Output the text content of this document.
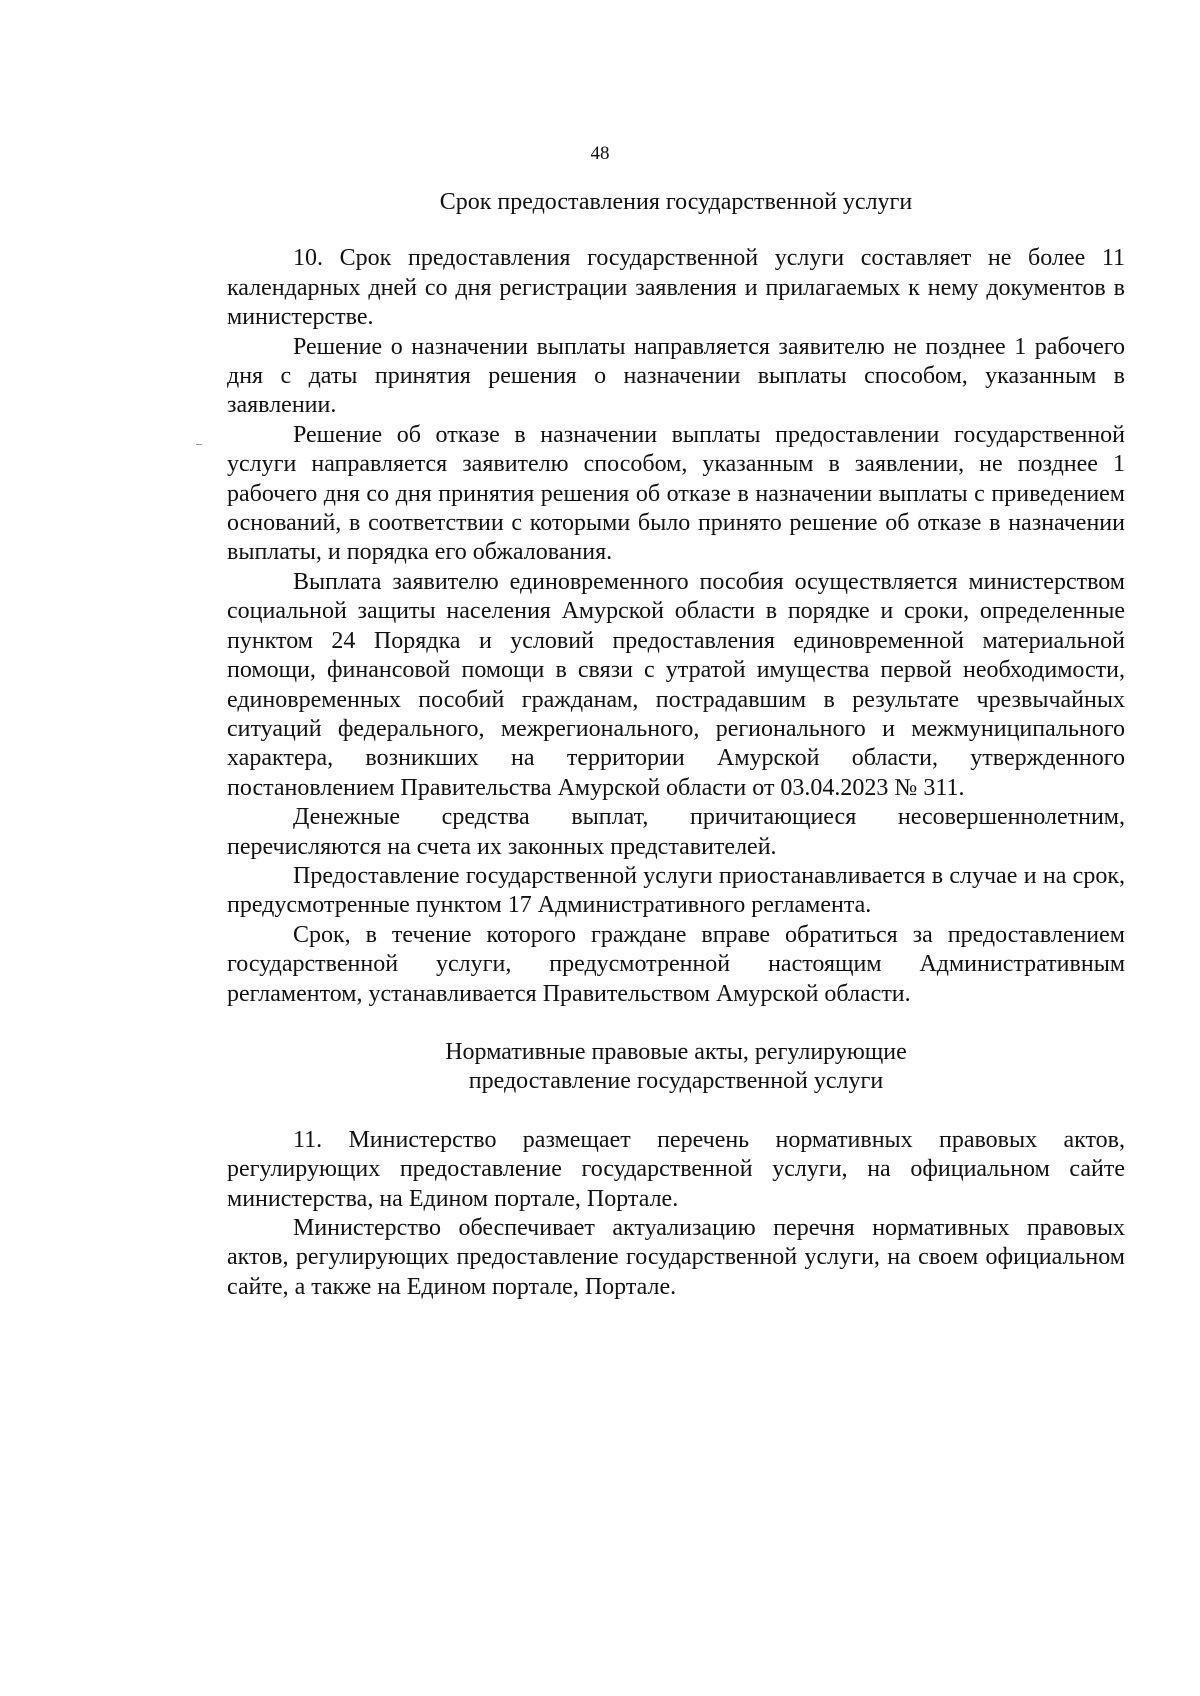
48

Срок предоставления государственной услуги

10. Срок предоставления государственной услуги составляет не более 11 календарных дней со дня регистрации заявления и прилагаемых к нему документов в министерстве.

Решение о назначении выплаты направляется заявителю не позднее 1 рабочего дня с даты принятия решения о назначении выплаты способом, указанным в заявлении.

Решение об отказе в назначении выплаты предоставлении государственной услуги направляется заявителю способом, указанным в заявлении, не позднее 1 рабочего дня со дня принятия решения об отказе в назначении выплаты с приведением оснований, в соответствии с которыми было принято решение об отказе в назначении выплаты, и порядка его обжалования.

Выплата заявителю единовременного пособия осуществляется министерством социальной защиты населения Амурской области в порядке и сроки, определенные пунктом 24 Порядка и условий предоставления единовременной материальной помощи, финансовой помощи в связи с утратой имущества первой необходимости, единовременных пособий гражданам, пострадавшим в результате чрезвычайных ситуаций федерального, межрегионального, регионального и межмуниципального характера, возникших на территории Амурской области, утвержденного постановлением Правительства Амурской области от 03.04.2023 № 311.

Денежные средства выплат, причитающиеся несовершеннолетним, перечисляются на счета их законных представителей.

Предоставление государственной услуги приостанавливается в случае и на срок, предусмотренные пунктом 17 Административного регламента.

Срок, в течение которого граждане вправе обратиться за предоставлением государственной услуги, предусмотренной настоящим Административным регламентом, устанавливается Правительством Амурской области.

Нормативные правовые акты, регулирующие
предоставление государственной услуги

11. Министерство размещает перечень нормативных правовых актов, регулирующих предоставление государственной услуги, на официальном сайте министерства, на Едином портале, Портале.

Министерство обеспечивает актуализацию перечня нормативных правовых актов, регулирующих предоставление государственной услуги, на своем официальном сайте, а также на Едином портале, Портале.
